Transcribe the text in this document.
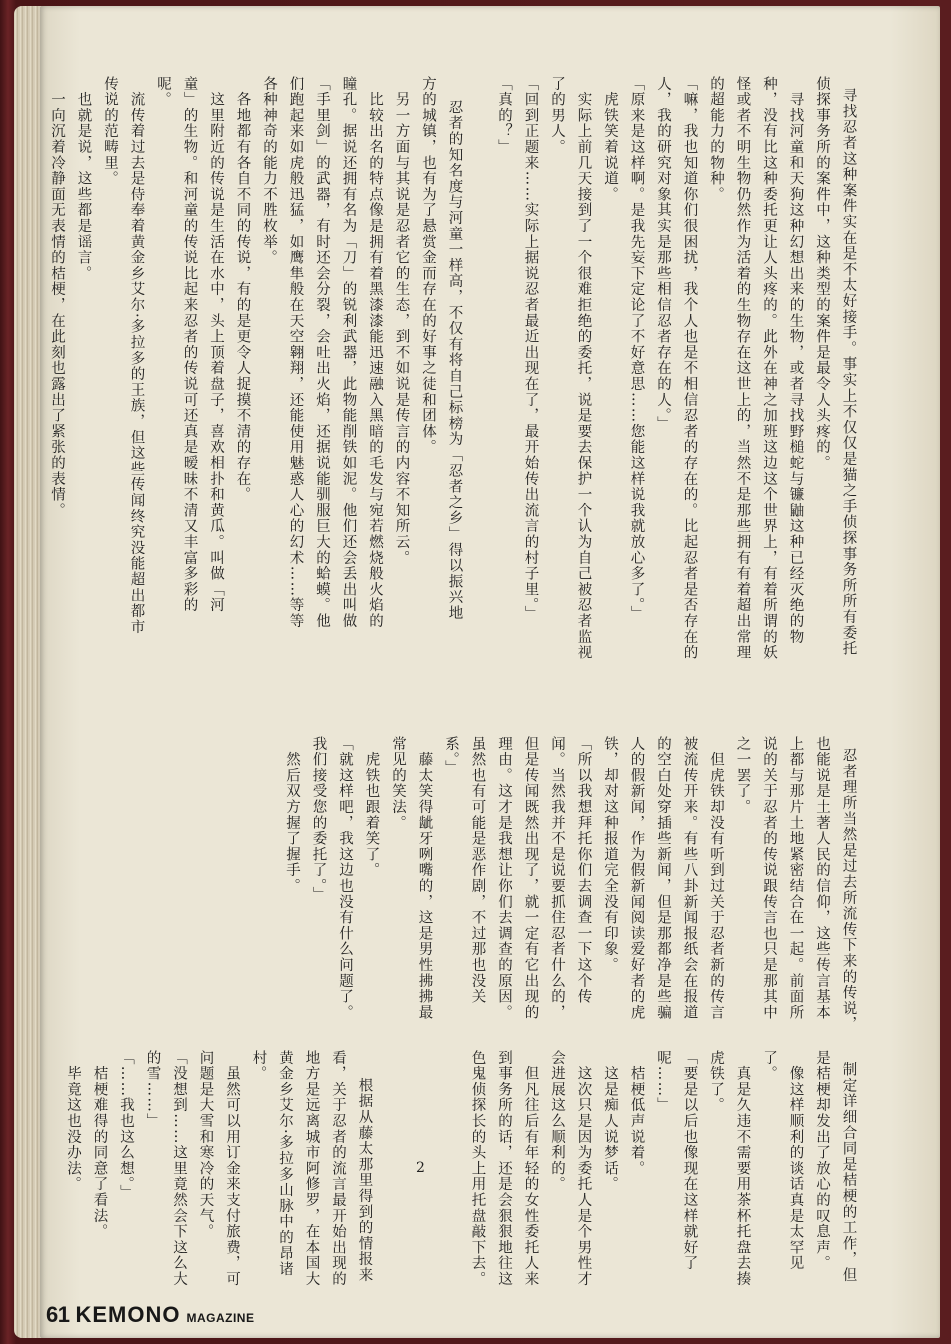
忍者的知名度与河童一样高，不仅有将自己标榜为「忍者之乡」得以振兴地方的城镇，也有为了悬赏金而存在的好事之徒和团体。
　另一方面与其说是忍者它的生态，到不如说是传言的内容不知所云。
　比较出名的特点像是拥有着黑漆漆能迅速融入黑暗的毛发与宛若燃烧般火焰的瞳孔。据说还拥有名为「刀」的锐利武器，此物能削铁如泥。他们还会丢出叫做「手里剑」的武器，有时还会分裂，会吐出火焰，还据说能驯服巨大的蛤蟆。他们跑起来如虎般迅猛，如鹰隼般在天空翱翔，还能使用魅惑人心的幻术……等等各种神奇的能力不胜枚举。
　各地都有各自不同的传说，有的是更令人捉摸不清的存在。
　这里附近的传说是生活在水中，头上顶着盘子，喜欢相扑和黄瓜。叫做「河童」的生物。和河童的传说比起来忍者的传说可还真是暧昧不清又丰富多彩的呢。
　流传着过去是侍奉着黄金乡艾尔·多拉多的王族，但这些传闻终究没能超出都市传说的范畴里。
　也就是说，这些都是谣言。
　一向沉着冷静面无表情的桔梗，在此刻也露出了紧张的表情。
	寻找忍者这种案件实在是不太好接手。事实上不仅仅是猫之手侦探事务所所有委托侦探事务所的案件中，这种类型的案件是最令人头疼的。
　寻找河童和天狗这种幻想出来的生物，或者寻找野槌蛇与镰鼬这种已经灭绝的物种，没有比这种委托更让人头疼的。此外在神之加班这边这个世界上，有着所谓的妖怪或者不明生物仍然作为活着的生物存在这世上的，当然不是那些拥有有着超出常理的超能力的物种。
「嘛，我也知道你们很困扰，我个人也是不相信忍者的存在的。比起忍者是否存在的人，我的研究对象其实是那些相信忍者存在的人。」
「原来是这样啊。是我先妄下定论了不好意思……您能这样说我就放心多了。」
　虎铁笑着说道。
　实际上前几天接到了一个很难拒绝的委托，说是要去保护一个认为自己被忍者监视了的男人。
「回到正题来……实际上据说忍者最近出现在了，最开始传出流言的村子里。」
「真的？」

忍者理所当然是过去所流传下来的传说，也能说是土著人民的信仰，这些传言基本上都与那片土地紧密结合在一起。前面所说的关于忍者的传说跟传言也只是那其中之一罢了。
　但虎铁却没有听到过关于忍者新的传言被流传开来。有些八卦新闻报纸会在报道的空白处穿插些新闻，但是那都净是些骗人的假新闻，作为假新闻阅读爱好者的虎铁，却对这种报道完全没有印象。
「所以我想拜托你们去调查一下这个传闻。当然我并不是说要抓住忍者什么的，但是传闻既然出现了，就一定有它出现的理由。这才是我想让你们去调查的原因。虽然也有可能是恶作剧，不过那也没关系。」
　藤太笑得龇牙咧嘴的，这是男性拂拂最常见的笑法。
　虎铁也跟着笑了。
「就这样吧，我这边也没有什么问题了。我们接受您的委托了。」
　然后双方握了握手。

制定详细合同是桔梗的工作，但是桔梗却发出了放心的叹息声。
　像这样顺利的谈话真是太罕见了。
　真是久违不需要用茶杯托盘去揍虎铁了。
「要是以后也像现在这样就好了呢……」
　桔梗低声说着。
　这是痴人说梦话。
　这次只是因为委托人是个男性才会进展这么顺利的。
　但凡往后有年轻的女性委托人来到事务所的话，还是会狠狠地往这色鬼侦探长的头上用托盘敲下去。

　根据从藤太那里得到的情报来看，关于忍者的流言最开始出现的地方是远离城市阿修罗，在本国大黄金乡艾尔·多拉多山脉中的昂诸村。
　虽然可以用订金来支付旅费，可问题是大雪和寒冷的天气。
「没想到……这里竟然会下这么大的雪……」
「……我也这么想。」
　桔梗难得的同意了看法。
　毕竟这也没办法。	2
61 KEMONO MAGAZINE
